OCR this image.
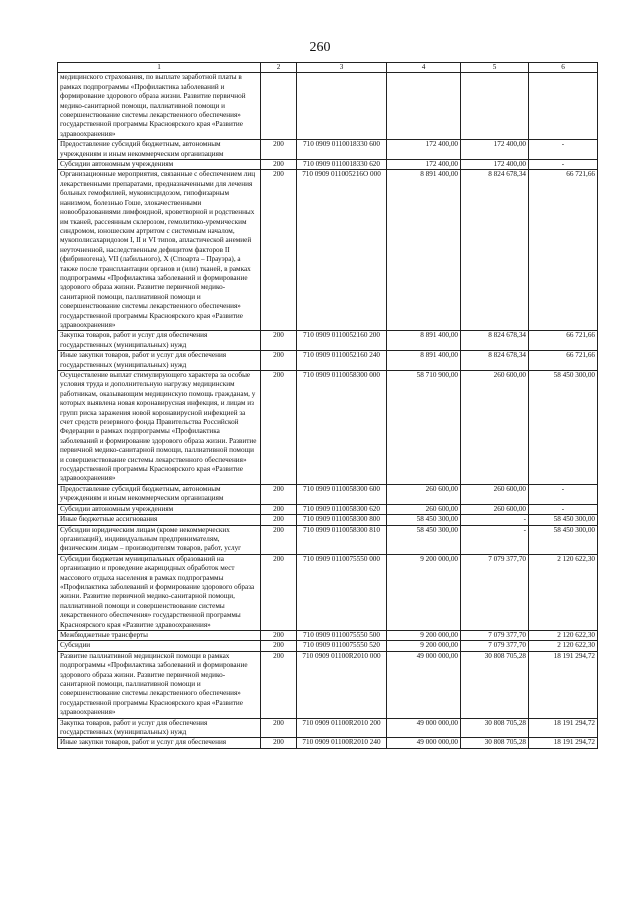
260
1	2	3	4	5	6
медицинского страхования, по выплате заработной платы в рамках подпрограммы «Профилактика заболеваний и формирование здорового образа жизни. Развитие первичной медико-санитарной помощи, паллиативной помощи и совершенствование системы лекарственного обеспечения» государственной программы Красноярского края «Развитие здравоохранения»					
Предоставление субсидий бюджетным, автономным учреждениям и иным некоммерческим организациям	200	710 0909 0110018330 600	172 400,00	172 400,00	-
Субсидии автономным учреждениям	200	710 0909 0110018330 620	172 400,00	172 400,00	-
Организационные мероприятия, связанные с обеспечением лиц лекарственными препаратами, предназначенными для лечения больных гемофилией, муковисцидозом, гипофизарным нанизмом, болезнью Гоше, злокачественными новообразованиями лимфоидной, кроветворной и родственных им тканей, рассеянным склерозом, гемолитико-уремическим синдромом, юношеским артритом с системным началом, мукополисахаридозом I, II и VI типов, апластической анемией неуточненной, наследственным дефицитом факторов II (фибриногена), VII (лабильного), X (Стюарта – Прауэра), а также после трансплантации органов и (или) тканей, в рамках подпрограммы «Профилактика заболеваний и формирование здорового образа жизни. Развитие первичной медико-санитарной помощи, паллиативной помощи и совершенствование системы лекарственного обеспечения» государственной программы Красноярского края «Развитие здравоохранения»	200	710 0909 011005216О 000	8 891 400,00	8 824 678,34	66 721,66
Закупка товаров, работ и услуг для обеспечения государственных (муниципальных) нужд	200	710 0909 0110052160 200	8 891 400,00	8 824 678,34	66 721,66
Иные закупки товаров, работ и услуг для обеспечения государственных (муниципальных) нужд	200	710 0909 0110052160 240	8 891 400,00	8 824 678,34	66 721,66
Осуществление выплат стимулирующего характера за особые условия труда и дополнительную нагрузку медицинским работникам, оказывающим медицинскую помощь гражданам, у которых выявлена новая коронавирусная инфекция, и лицам из групп риска заражения новой коронавирусной инфекцией за счет средств резервного фонда Правительства Российской Федерации в рамках подпрограммы «Профилактика заболеваний и формирование здорового образа жизни. Развитие первичной медико-санитарной помощи, паллиативной помощи и совершенствование системы лекарственного обеспечения» государственной программы Красноярского края «Развитие здравоохранения»	200	710 0909 0110058300 000	58 710 900,00	260 600,00	58 450 300,00
Предоставление субсидий бюджетным, автономным учреждениям и иным некоммерческим организациям	200	710 0909 0110058300 600	260 600,00	260 600,00	-
Субсидии автономным учреждениям	200	710 0909 0110058300 620	260 600,00	260 600,00	-
Иные бюджетные ассигнования	200	710 0909 0110058300 800	58 450 300,00	-	58 450 300,00
Субсидии юридическим лицам (кроме некоммерческих организаций), индивидуальным предпринимателям, физическим лицам – производителям товаров, работ, услуг	200	710 0909 0110058300 810	58 450 300,00	-	58 450 300,00
Субсидии бюджетам муниципальных образований на организацию и проведение акарицидных обработок мест массового отдыха населения в рамках подпрограммы «Профилактика заболеваний и формирование здорового образа жизни. Развитие первичной медико-санитарной помощи, паллиативной помощи и совершенствование системы лекарственного обеспечения» государственной программы Красноярского края «Развитие здравоохранения»	200	710 0909 0110075550 000	9 200 000,00	7 079 377,70	2 120 622,30
Межбюджетные трансферты	200	710 0909 0110075550 500	9 200 000,00	7 079 377,70	2 120 622,30
Субсидии	200	710 0909 0110075550 520	9 200 000,00	7 079 377,70	2 120 622,30
Развитие паллиативной медицинской помощи в рамках подпрограммы «Профилактика заболеваний и формирование здорового образа жизни. Развитие первичной медико-санитарной помощи, паллиативной помощи и совершенствование системы лекарственного обеспечения» государственной программы Красноярского края «Развитие здравоохранения»	200	710 0909 01100R2010 000	49 000 000,00	30 808 705,28	18 191 294,72
Закупка товаров, работ и услуг для обеспечения государственных (муниципальных) нужд	200	710 0909 01100R2010 200	49 000 000,00	30 808 705,28	18 191 294,72
Иные закупки товаров, работ и услуг для обеспечения	200	710 0909 01100R2010 240	49 000 000,00	30 808 705,28	18 191 294,72
